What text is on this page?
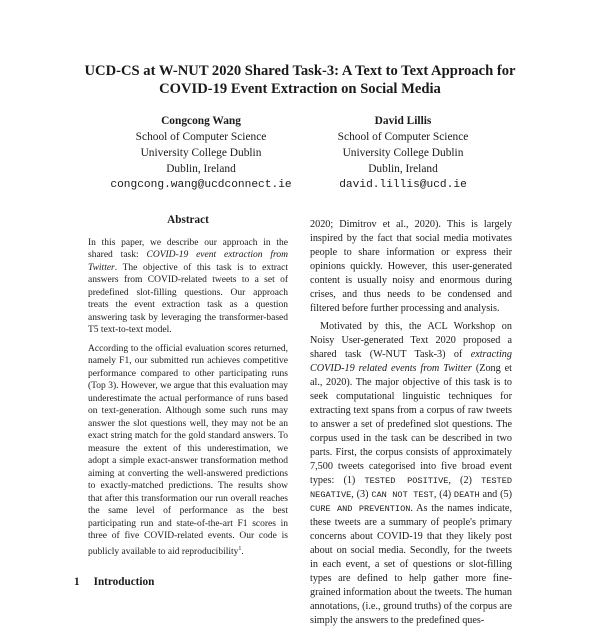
UCD-CS at W-NUT 2020 Shared Task-3: A Text to Text Approach for
COVID-19 Event Extraction on Social Media
Congcong Wang
School of Computer Science
University College Dublin
Dublin, Ireland
congcong.wang@ucdconnect.ie
David Lillis
School of Computer Science
University College Dublin
Dublin, Ireland
david.lillis@ucd.ie
Abstract

In this paper, we describe our approach in the shared task: COVID-19 event extraction from Twitter. The objective of this task is to extract answers from COVID-related tweets to a set of predefined slot-filling questions. Our approach treats the event extraction task as a question answering task by leveraging the transformer-based T5 text-to-text model.

According to the official evaluation scores returned, namely F1, our submitted run achieves competitive performance compared to other participating runs (Top 3). However, we argue that this evaluation may underestimate the actual performance of runs based on text-generation. Although some such runs may answer the slot questions well, they may not be an exact string match for the gold standard answers. To measure the extent of this underestimation, we adopt a simple exact-answer transformation method aiming at converting the well-answered predictions to exactly-matched predictions. The results show that after this transformation our run overall reaches the same level of performance as the best participating run and state-of-the-art F1 scores in three of five COVID-related events. Our code is publicly available to aid reproducibility$^1$.

1 Introduction

2020; Dimitrov et al., 2020). This is largely inspired by the fact that social media motivates people to share information or express their opinions quickly. However, this user-generated content is usually noisy and enormous during crises, and thus needs to be condensed and filtered before further processing and analysis.

Motivated by this, the ACL Workshop on Noisy User-generated Text 2020 proposed a shared task (W-NUT Task-3) of extracting COVID-19 related events from Twitter (Zong et al., 2020). The major objective of this task is to seek computational linguistic techniques for extracting text spans from a corpus of raw tweets to answer a set of predefined slot questions. The corpus used in the task can be described in two parts. First, the corpus consists of approximately 7,500 tweets categorised into five broad event types: (1) TESTED POSITIVE, (2) TESTED NEGATIVE, (3) CAN NOT TEST, (4) DEATH and (5) CURE AND PREVENTION. As the names indicate, these tweets are a summary of people's primary concerns about COVID-19 that they likely post about on social media. Secondly, for the tweets in each event, a set of questions or slot-filling types are defined to help gather more fine-grained information about the tweets. The human annotations, (i.e., ground truths) of the corpus are simply the answers to the predefined ques-
